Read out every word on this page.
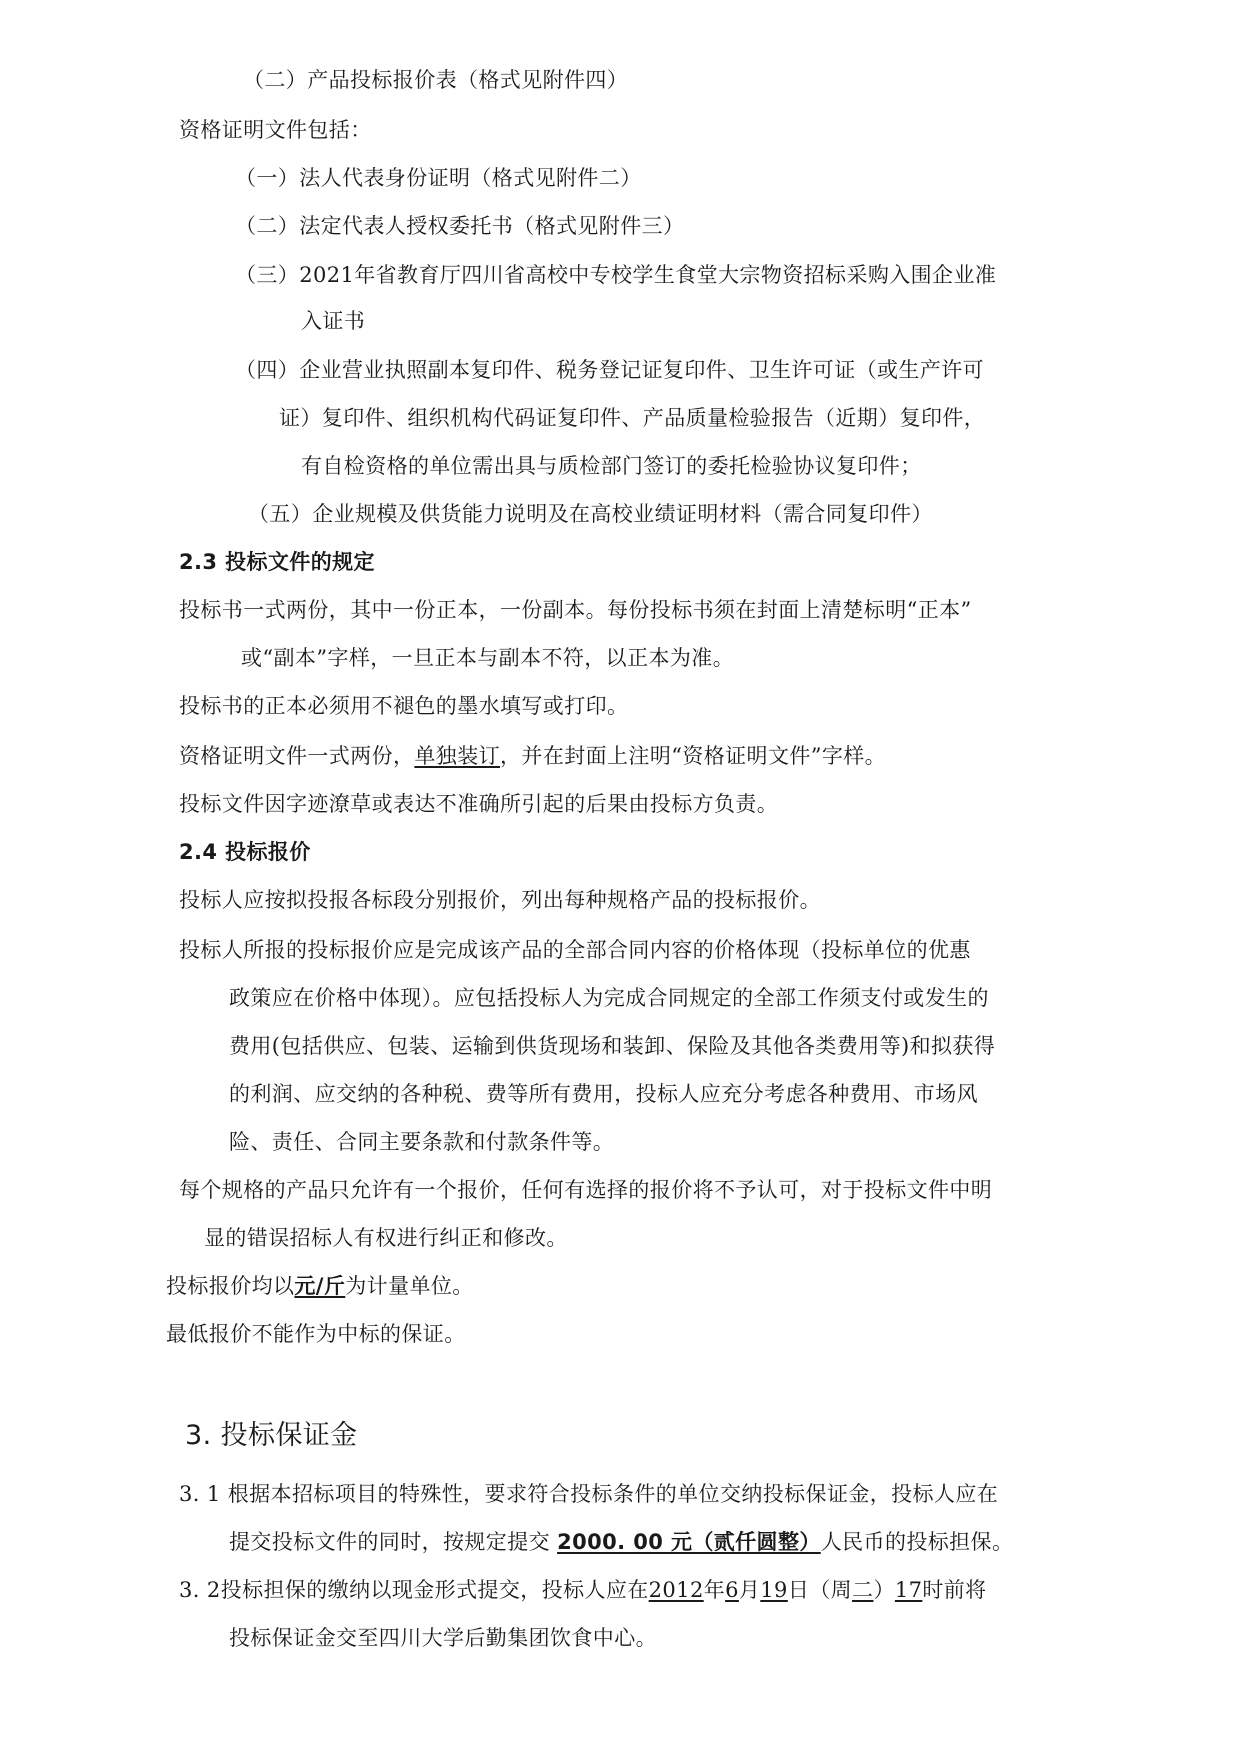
（二）产品投标报价表（格式见附件四）
资格证明文件包括：
（一）法人代表身份证明（格式见附件二）
（二）法定代表人授权委托书（格式见附件三）
（三）2021年省教育厅四川省高校中专校学生食堂大宗物资招标采购入围企业准
入证书
（四）企业营业执照副本复印件、税务登记证复印件、卫生许可证（或生产许可
证）复印件、组织机构代码证复印件、产品质量检验报告（近期）复印件，
有自检资格的单位需出具与质检部门签订的委托检验协议复印件；
（五）企业规模及供货能力说明及在高校业绩证明材料（需合同复印件）
2.3 投标文件的规定
投标书一式两份，其中一份正本，一份副本。每份投标书须在封面上清楚标明“正本”
或“副本”字样，一旦正本与副本不符，以正本为准。
投标书的正本必须用不褪色的墨水填写或打印。
资格证明文件一式两份，单独装订，并在封面上注明“资格证明文件”字样。
投标文件因字迹潦草或表达不准确所引起的后果由投标方负责。
2.4 投标报价
投标人应按拟投报各标段分别报价，列出每种规格产品的投标报价。
投标人所报的投标报价应是完成该产品的全部合同内容的价格体现（投标单位的优惠
政策应在价格中体现）。应包括投标人为完成合同规定的全部工作须支付或发生的
费用(包括供应、包装、运输到供货现场和装卸、保险及其他各类费用等)和拟获得
的利润、应交纳的各种税、费等所有费用，投标人应充分考虑各种费用、市场风
险、责任、合同主要条款和付款条件等。
每个规格的产品只允许有一个报价，任何有选择的报价将不予认可，对于投标文件中明
显的错误招标人有权进行纠正和修改。
投标报价均以元/斤为计量单位。
最低报价不能作为中标的保证。
3. 投标保证金
3. 1 根据本招标项目的特殊性，要求符合投标条件的单位交纳投标保证金，投标人应在
提交投标文件的同时，按规定提交 2000. 00 元（贰仟圆整）人民币的投标担保。
3. 2投标担保的缴纳以现金形式提交，投标人应在2012年6月19日（周二）17时前将
投标保证金交至四川大学后勤集团饮食中心。
